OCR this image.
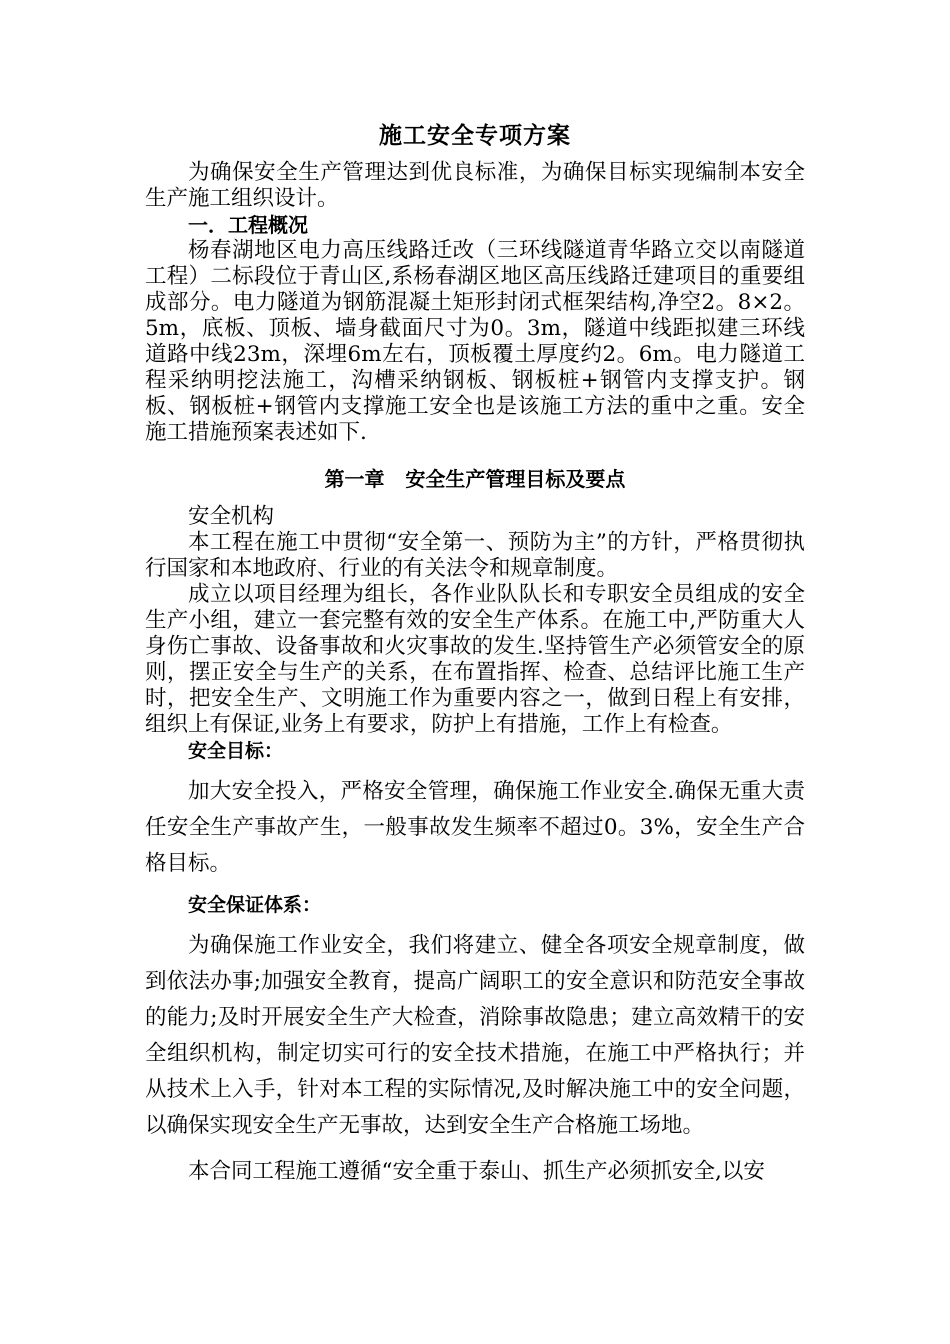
施工安全专项方案

为确保安全生产管理达到优良标准，为确保目标实现编制本安全生产施工组织设计。

一．工程概况

杨春湖地区电力高压线路迁改（三环线隧道青华路立交以南隧道工程）二标段位于青山区,系杨春湖区地区高压线路迁建项目的重要组成部分。电力隧道为钢筋混凝土矩形封闭式框架结构,净空2。8×2。5m，底板、顶板、墙身截面尺寸为0。3m，隧道中线距拟建三环线道路中线23m，深埋6m左右，顶板覆土厚度约2。6m。电力隧道工程采纳明挖法施工，沟槽采纳钢板、钢板桩+钢管内支撑支护。钢板、钢板桩+钢管内支撑施工安全也是该施工方法的重中之重。安全施工措施预案表述如下.

第一章   安全生产管理目标及要点

安全机构

本工程在施工中贯彻“安全第一、预防为主”的方针，严格贯彻执行国家和本地政府、行业的有关法令和规章制度。

成立以项目经理为组长，各作业队队长和专职安全员组成的安全生产小组，建立一套完整有效的安全生产体系。在施工中,严防重大人身伤亡事故、设备事故和火灾事故的发生.坚持管生产必须管安全的原则，摆正安全与生产的关系，在布置指挥、检查、总结评比施工生产时，把安全生产、文明施工作为重要内容之一，做到日程上有安排，组织上有保证,业务上有要求，防护上有措施，工作上有检查。

安全目标：

加大安全投入，严格安全管理，确保施工作业安全.确保无重大责任安全生产事故产生，一般事故发生频率不超过0。3%，安全生产合格目标。

安全保证体系：

为确保施工作业安全，我们将建立、健全各项安全规章制度，做到依法办事;加强安全教育，提高广阔职工的安全意识和防范安全事故的能力;及时开展安全生产大检查，消除事故隐患；建立高效精干的安全组织机构，制定切实可行的安全技术措施，在施工中严格执行；并从技术上入手，针对本工程的实际情况,及时解决施工中的安全问题，以确保实现安全生产无事故，达到安全生产合格施工场地。

本合同工程施工遵循“安全重于泰山、抓生产必须抓安全,以安
